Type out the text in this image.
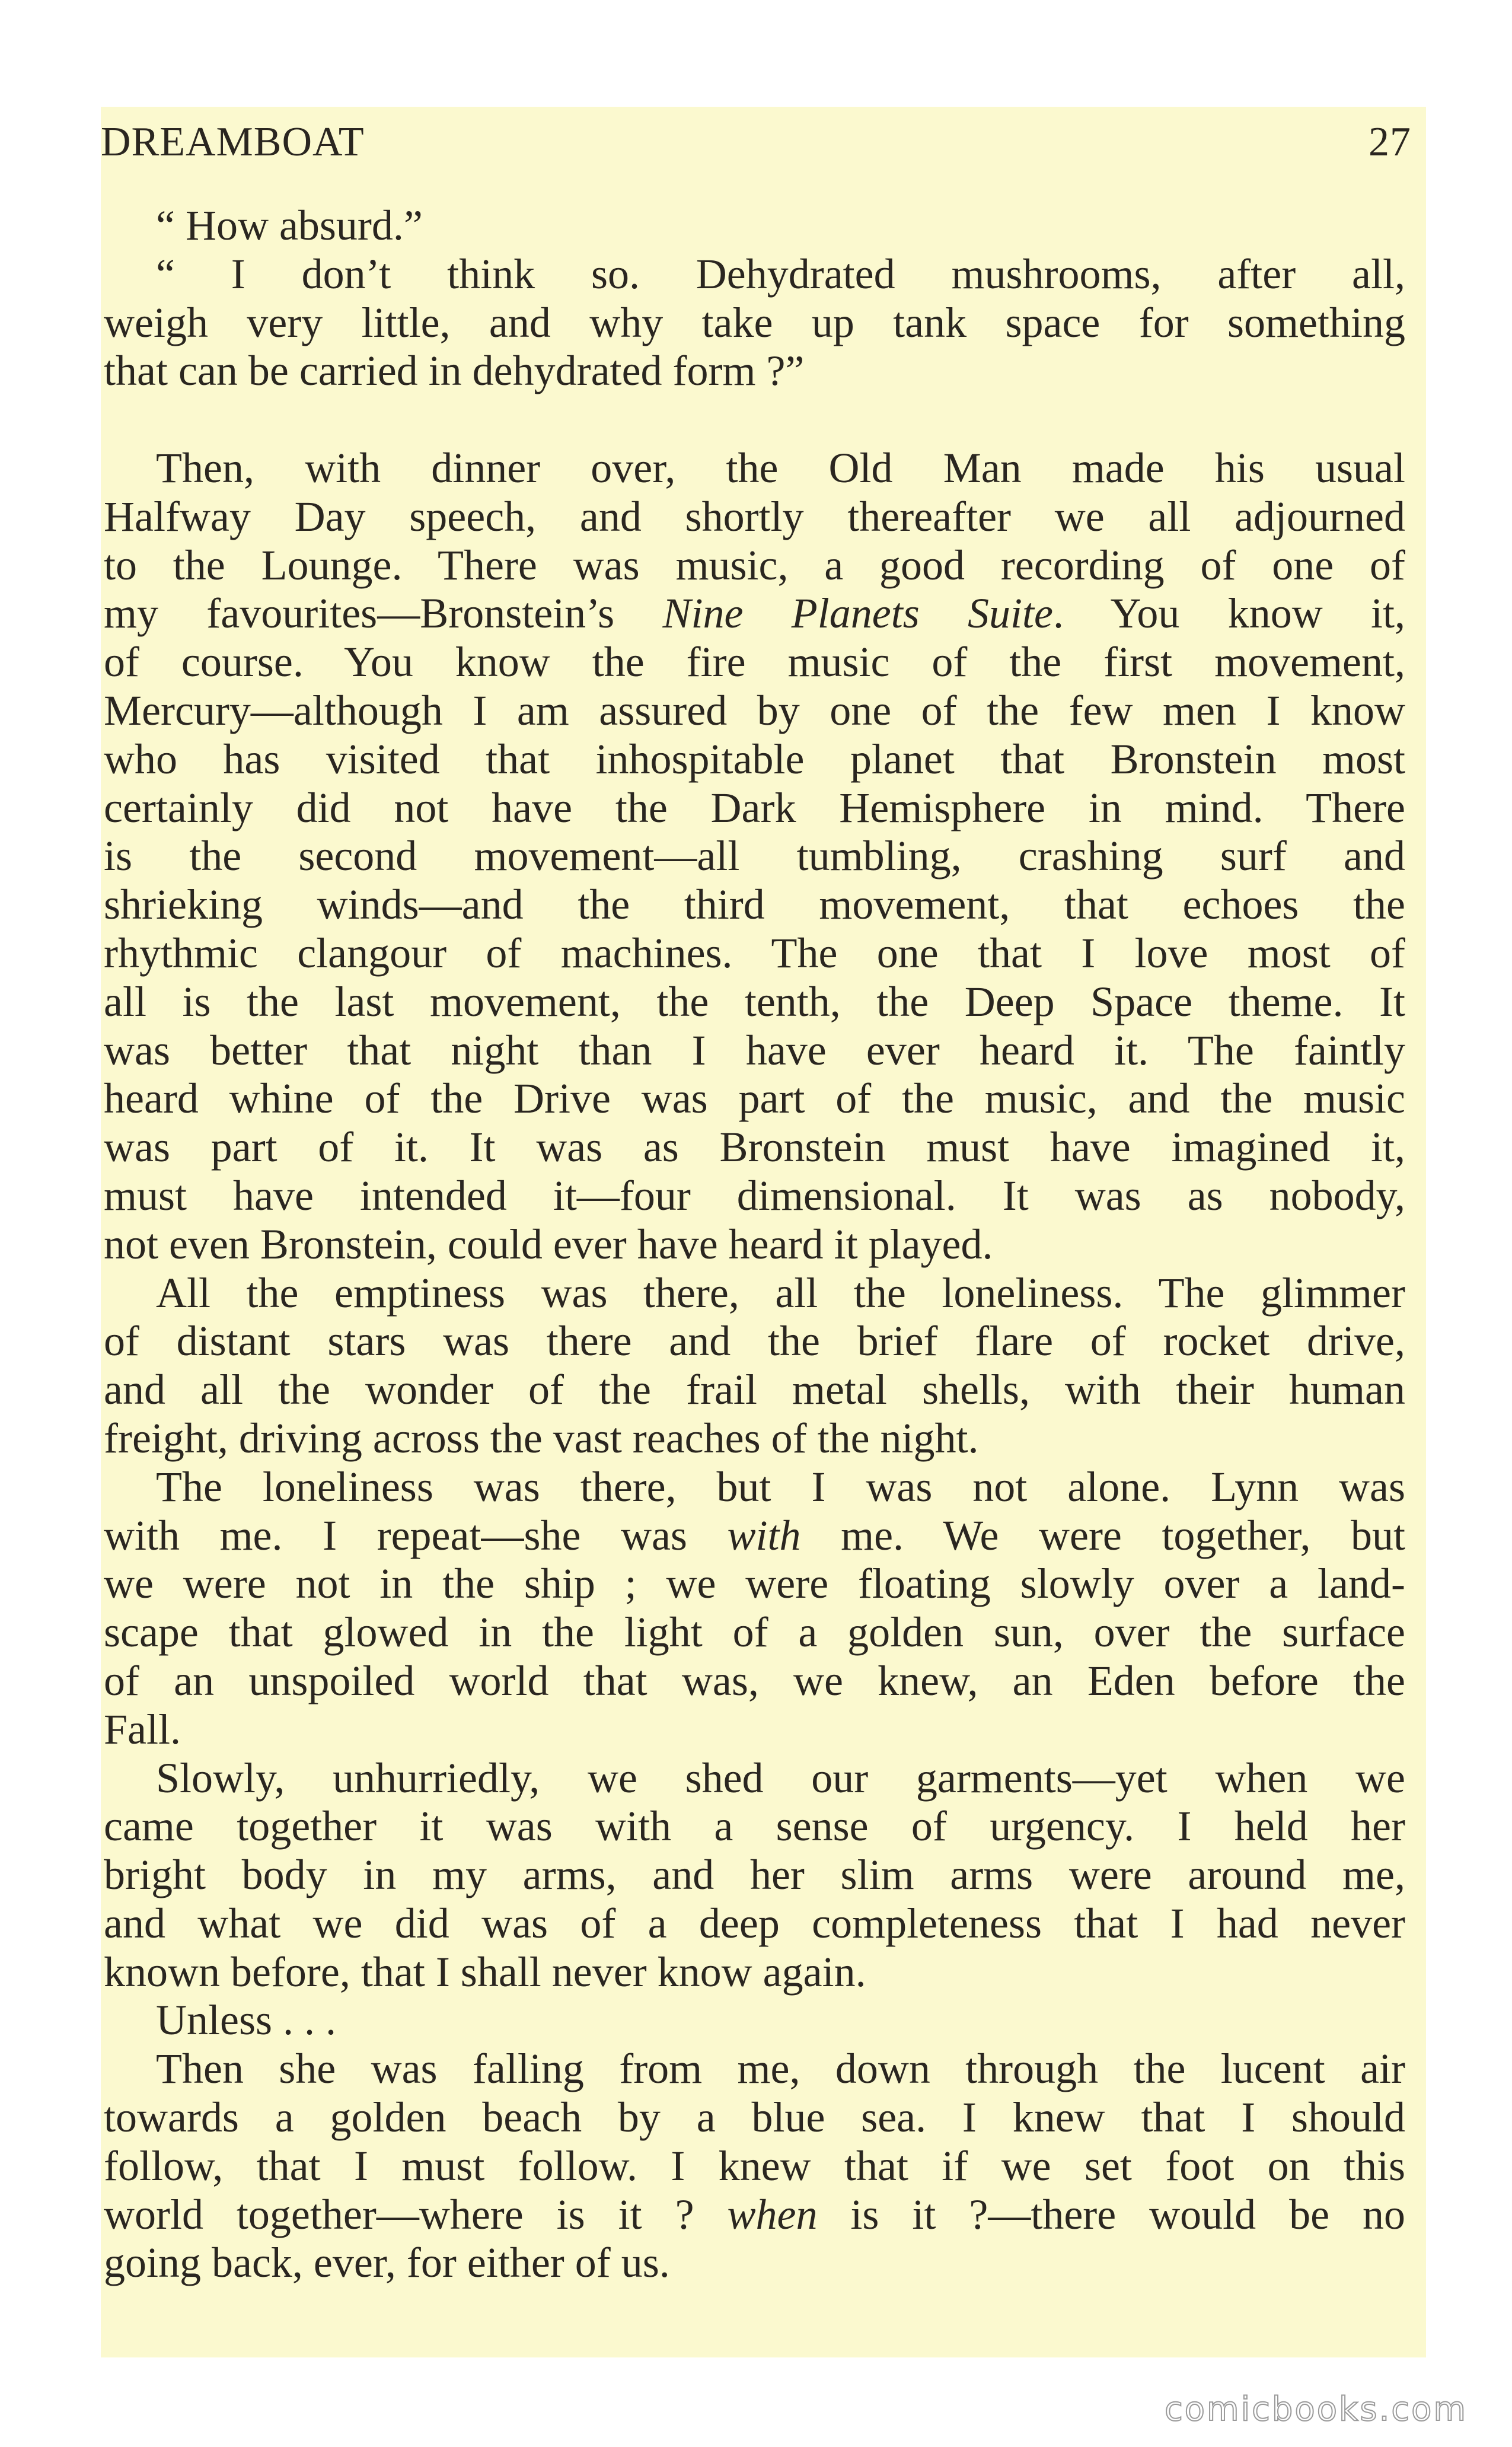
DREAMBOAT	27

“ How absurd.”

“ I don’t think so. Dehydrated mushrooms, after all,

weigh very little, and why take up tank space for something

that can be carried in dehydrated form ?”

Then, with dinner over, the Old Man made his usual

Halfway Day speech, and shortly thereafter we all adjourned

to the Lounge. There was music, a good recording of one of

my favourites—Bronstein’s Nine Planets Suite. You know it,

of course. You know the fire music of the first movement,

Mercury—although I am assured by one of the few men I know

who has visited that inhospitable planet that Bronstein most

certainly did not have the Dark Hemisphere in mind. There

is the second movement—all tumbling, crashing surf and

shrieking winds—and the third movement, that echoes the

rhythmic clangour of machines. The one that I love most of

all is the last movement, the tenth, the Deep Space theme. It

was better that night than I have ever heard it. The faintly

heard whine of the Drive was part of the music, and the music

was part of it. It was as Bronstein must have imagined it,

must have intended it—four dimensional. It was as nobody,

not even Bronstein, could ever have heard it played.

All the emptiness was there, all the loneliness. The glimmer

of distant stars was there and the brief flare of rocket drive,

and all the wonder of the frail metal shells, with their human

freight, driving across the vast reaches of the night.

The loneliness was there, but I was not alone. Lynn was

with me. I repeat—she was with me. We were together, but

we were not in the ship ; we were floating slowly over a land-

scape that glowed in the light of a golden sun, over the surface

of an unspoiled world that was, we knew, an Eden before the

Fall.

Slowly, unhurriedly, we shed our garments—yet when we

came together it was with a sense of urgency. I held her

bright body in my arms, and her slim arms were around me,

and what we did was of a deep completeness that I had never

known before, that I shall never know again.

Unless . . .

Then she was falling from me, down through the lucent air

towards a golden beach by a blue sea. I knew that I should

follow, that I must follow. I knew that if we set foot on this

world together—where is it ? when is it ?—there would be no

going back, ever, for either of us.

comicbooks.com
